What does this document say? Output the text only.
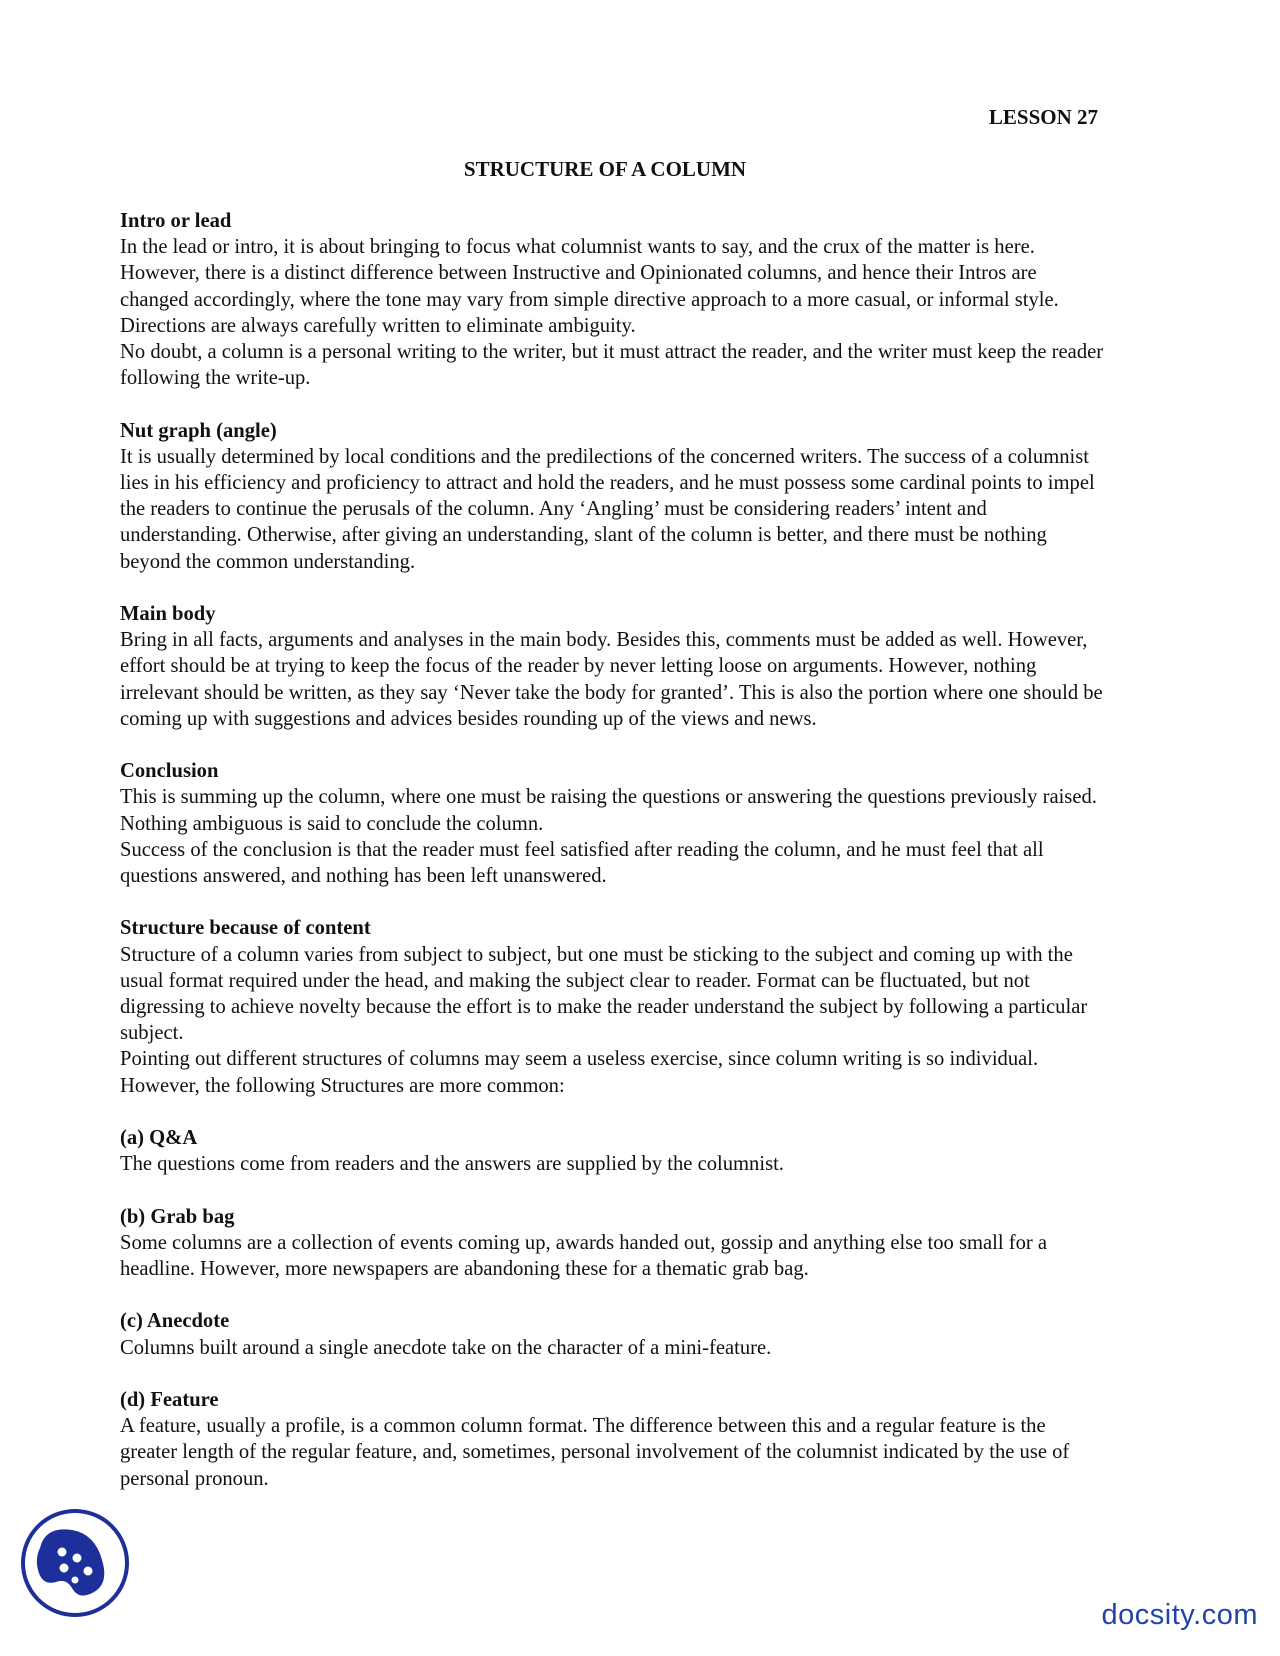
LESSON 27
STRUCTURE OF A COLUMN
Intro or lead

In the lead or intro, it is about bringing to focus what columnist wants to say, and the crux of the matter is here. However, there is a distinct difference between Instructive and Opinionated columns, and hence their Intros are changed accordingly, where the tone may vary from simple directive approach to a more casual, or informal style. Directions are always carefully written to eliminate ambiguity.

No doubt, a column is a personal writing to the writer, but it must attract the reader, and the writer must keep the reader following the write-up.

Nut graph (angle)

It is usually determined by local conditions and the predilections of the concerned writers. The success of a columnist lies in his efficiency and proficiency to attract and hold the readers, and he must possess some cardinal points to impel the readers to continue the perusals of the column. Any ‘Angling’ must be considering readers’ intent and understanding. Otherwise, after giving an understanding, slant of the column is better, and there must be nothing beyond the common understanding.

Main body

Bring in all facts, arguments and analyses in the main body. Besides this, comments must be added as well. However, effort should be at trying to keep the focus of the reader by never letting loose on arguments. However, nothing irrelevant should be written, as they say ‘Never take the body for granted’. This is also the portion where one should be coming up with suggestions and advices besides rounding up of the views and news.

Conclusion

This is summing up the column, where one must be raising the questions or answering the questions previously raised. Nothing ambiguous is said to conclude the column.

Success of the conclusion is that the reader must feel satisfied after reading the column, and he must feel that all questions answered, and nothing has been left unanswered.

Structure because of content

Structure of a column varies from subject to subject, but one must be sticking to the subject and coming up with the usual format required under the head, and making the subject clear to reader. Format can be fluctuated, but not digressing to achieve novelty because the effort is to make the reader understand the subject by following a particular subject.

Pointing out different structures of columns may seem a useless exercise, since column writing is so individual. However, the following Structures are more common:

(a) Q&A

The questions come from readers and the answers are supplied by the columnist.

(b) Grab bag

Some columns are a collection of events coming up, awards handed out, gossip and anything else too small for a headline. However, more newspapers are abandoning these for a thematic grab bag.

(c) Anecdote

Columns built around a single anecdote take on the character of a mini-feature.

(d) Feature

A feature, usually a profile, is a common column format. The difference between this and a regular feature is the greater length of the regular feature, and, sometimes, personal involvement of the columnist indicated by the use of personal pronoun.

docsity.com
